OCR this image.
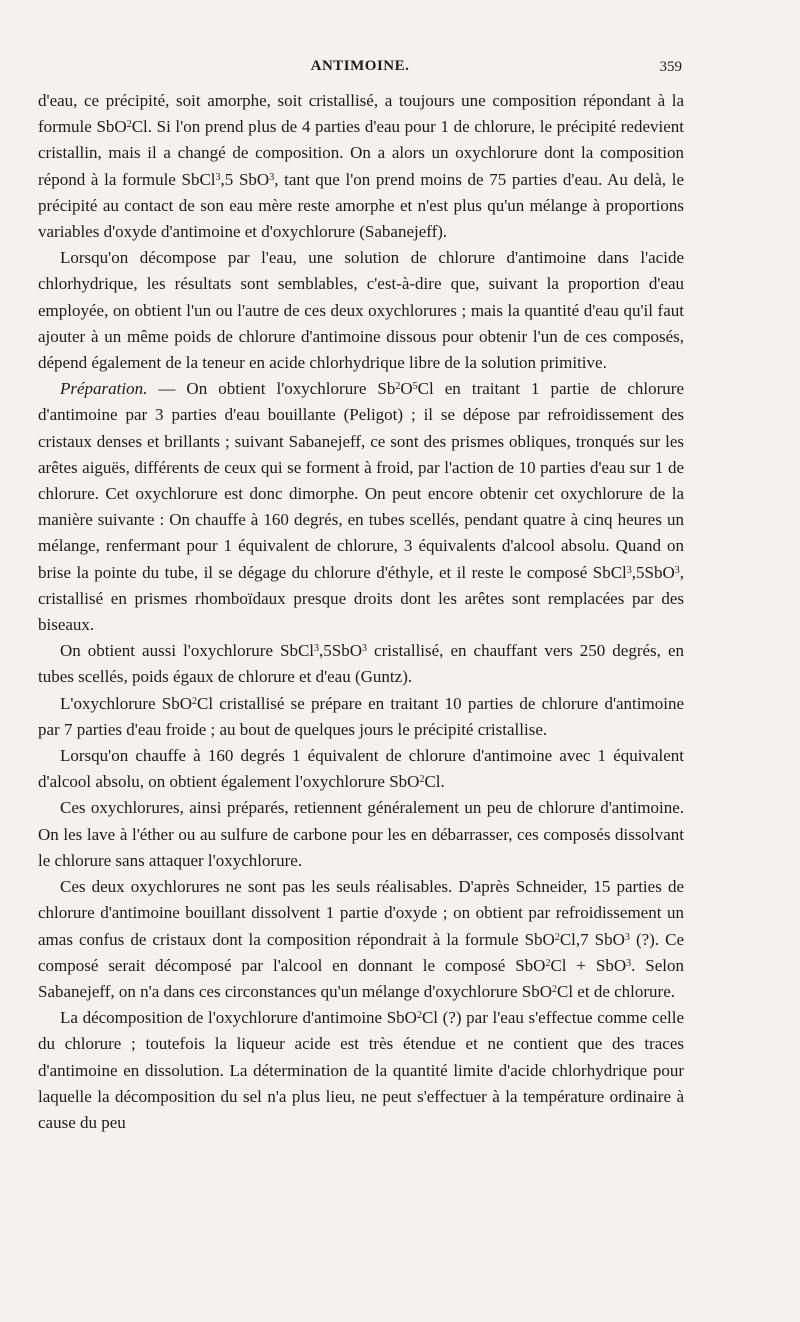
ANTIMOINE.	359

d'eau, ce précipité, soit amorphe, soit cristallisé, a toujours une composition répondant à la formule SbO$^2$Cl. Si l'on prend plus de 4 parties d'eau pour 1 de chlorure, le précipité redevient cristallin, mais il a changé de composition. On a alors un oxychlorure dont la composition répond à la formule SbCl$^3$,5 SbO$^3$, tant que l'on prend moins de 75 parties d'eau. Au delà, le précipité au contact de son eau mère reste amorphe et n'est plus qu'un mélange à proportions variables d'oxyde d'antimoine et d'oxychlorure (Sabanejeff).

Lorsqu'on décompose par l'eau, une solution de chlorure d'antimoine dans l'acide chlorhydrique, les résultats sont semblables, c'est-à-dire que, suivant la proportion d'eau employée, on obtient l'un ou l'autre de ces deux oxychlorures ; mais la quantité d'eau qu'il faut ajouter à un même poids de chlorure d'antimoine dissous pour obtenir l'un de ces composés, dépend également de la teneur en acide chlorhydrique libre de la solution primitive.

Préparation. — On obtient l'oxychlorure $Sb^2O^5Cl$ en traitant 1 partie de chlorure d'antimoine par 3 parties d'eau bouillante (Peligot) ; il se dépose par refroidissement des cristaux denses et brillants ; suivant Sabanejeff, ce sont des prismes obliques, tronqués sur les arêtes aiguës, différents de ceux qui se forment à froid, par l'action de 10 parties d'eau sur 1 de chlorure. Cet oxychlorure est donc dimorphe. On peut encore obtenir cet oxychlorure de la manière suivante : On chauffe à 160 degrés, en tubes scellés, pendant quatre à cinq heures un mélange, renfermant pour 1 équivalent de chlorure, 3 équivalents d'alcool absolu. Quand on brise la pointe du tube, il se dégage du chlorure d'éthyle, et il reste le composé SbCl$^3$,5SbO$^3$, cristallisé en prismes rhomboïdaux presque droits dont les arêtes sont remplacées par des biseaux.

On obtient aussi l'oxychlorure SbCl$^3$,5SbO$^3$ cristallisé, en chauffant vers 250 degrés, en tubes scellés, poids égaux de chlorure et d'eau (Guntz).

L'oxychlorure SbO$^2$Cl cristallisé se prépare en traitant 10 parties de chlorure d'antimoine par 7 parties d'eau froide ; au bout de quelques jours le précipité cristallise.

Lorsqu'on chauffe à 160 degrés 1 équivalent de chlorure d'antimoine avec 1 équivalent d'alcool absolu, on obtient également l'oxychlorure SbO$^2$Cl.

Ces oxychlorures, ainsi préparés, retiennent généralement un peu de chlorure d'antimoine. On les lave à l'éther ou au sulfure de carbone pour les en débarrasser, ces composés dissolvant le chlorure sans attaquer l'oxychlorure.

Ces deux oxychlorures ne sont pas les seuls réalisables. D'après Schneider, 15 parties de chlorure d'antimoine bouillant dissolvent 1 partie d'oxyde ; on obtient par refroidissement un amas confus de cristaux dont la composition répondrait à la formule SbO$^2$Cl,7 SbO$^3$ (?). Ce composé serait décomposé par l'alcool en donnant le composé SbO$^2$Cl + SbO$^3$. Selon Sabanejeff, on n'a dans ces circonstances qu'un mélange d'oxychlorure SbO$^2$Cl et de chlorure.

La décomposition de l'oxychlorure d'antimoine SbO$^2$Cl (?) par l'eau s'effectue comme celle du chlorure ; toutefois la liqueur acide est très étendue et ne contient que des traces d'antimoine en dissolution. La détermination de la quantité limite d'acide chlorhydrique pour laquelle la décomposition du sel n'a plus lieu, ne peut s'effectuer à la température ordinaire à cause du peu
